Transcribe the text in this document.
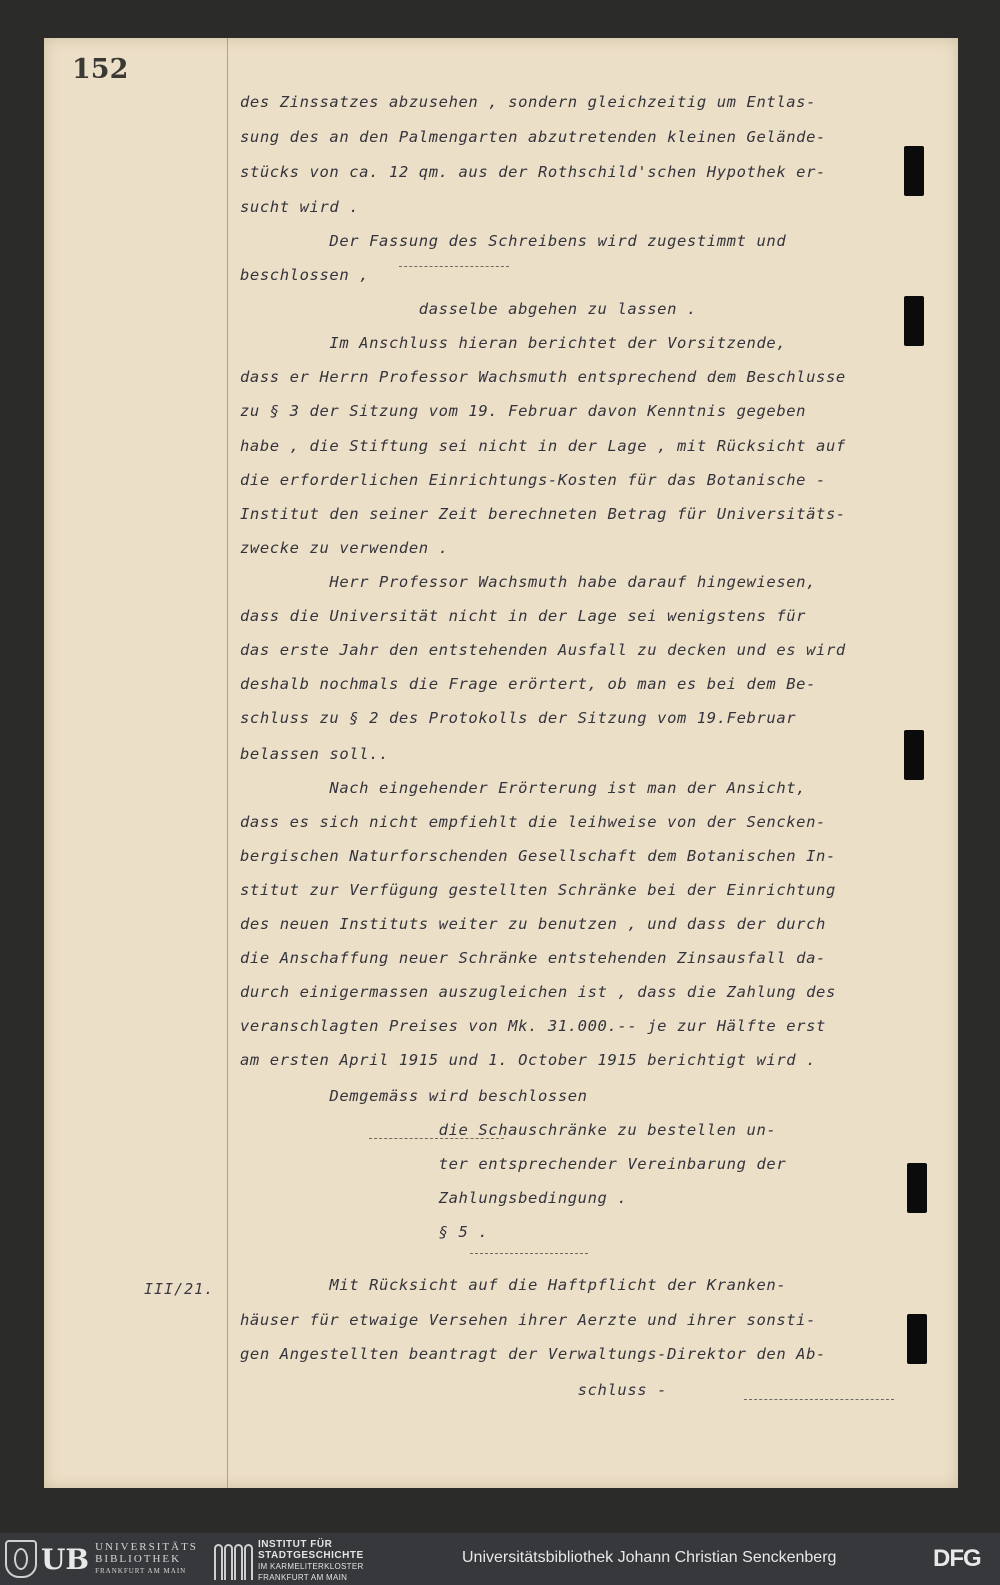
152
III/21.
des Zinssatzes abzusehen , sondern gleichzeitig um Entlas-
sung des an den Palmengarten abzutretenden kleinen Gelände-
stücks von ca. 12 qm. aus der Rothschild'schen Hypothek er-
sucht wird .
Der Fassung des Schreibens wird zugestimmt und
beschlossen ,
dasselbe abgehen zu lassen .
Im Anschluss hieran berichtet der Vorsitzende,
dass er Herrn Professor Wachsmuth entsprechend dem Beschlusse
zu § 3 der Sitzung vom 19. Februar davon Kenntnis gegeben
habe , die Stiftung sei nicht in der Lage , mit Rücksicht auf
die erforderlichen Einrichtungs-Kosten für das Botanische -
Institut den seiner Zeit berechneten Betrag für Universitäts-
zwecke zu verwenden .
Herr Professor Wachsmuth habe darauf hingewiesen,
dass die Universität nicht in der Lage sei wenigstens für
das erste Jahr den entstehenden Ausfall zu decken und es wird
deshalb nochmals die Frage erörtert, ob man es bei dem Be-
schluss zu § 2 des Protokolls der Sitzung vom 19.Februar
belassen soll..
Nach eingehender Erörterung ist man der Ansicht,
dass es sich nicht empfiehlt die leihweise von der Sencken-
bergischen Naturforschenden Gesellschaft dem Botanischen In-
stitut zur Verfügung gestellten Schränke bei der Einrichtung
des neuen Instituts weiter zu benutzen , und dass der durch
die Anschaffung neuer Schränke entstehenden Zinsausfall da-
durch einigermassen auszugleichen ist , dass die Zahlung des
veranschlagten Preises von Mk. 31.000.-- je zur Hälfte erst
am ersten April 1915 und 1. October 1915 berichtigt wird .
Demgemäss wird beschlossen
die Schauschränke zu bestellen un-
ter entsprechender Vereinbarung der
Zahlungsbedingung .
§ 5 .
Mit Rücksicht auf die Haftpflicht der Kranken-
häuser für etwaige Versehen ihrer Aerzte und ihrer sonsti-
gen Angestellten beantragt der Verwaltungs-Direktor den Ab-
schluss -
UB UNIVERSITÄTS
BIBLIOTHEK
FRANKFURT AM MAIN
INSTITUT FÜR
STADTGESCHICHTE
IM KARMELITERKLOSTER
FRANKFURT AM MAIN
Universitätsbibliothek Johann Christian Senckenberg	DFG
